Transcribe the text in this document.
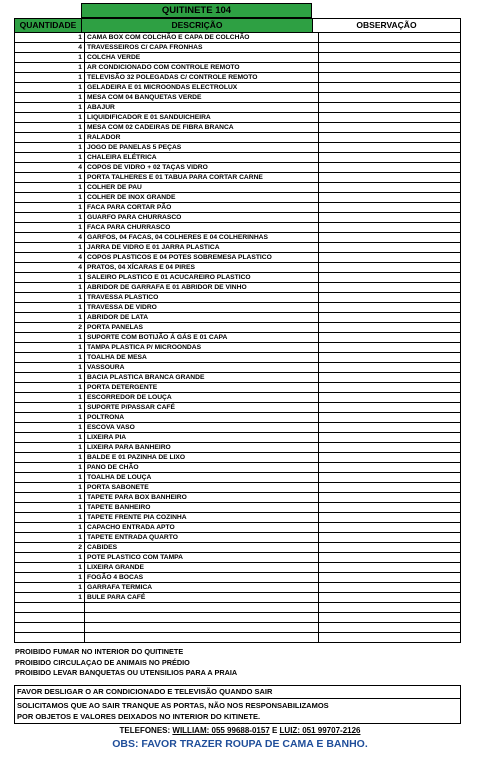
QUITINETE 104
QUANTIDADE	DESCRIÇÃO	OBSERVAÇÃO
1	CAMA BOX COM COLCHÃO E CAPA DE COLCHÃO	
4	TRAVESSEIROS C/ CAPA FRONHAS	
1	COLCHA VERDE	
1	AR CONDICIONADO COM CONTROLE REMOTO	
1	TELEVISÃO 32 POLEGADAS C/ CONTROLE REMOTO	
1	GELADEIRA E 01 MICROONDAS ELECTROLUX	
1	MESA COM 04 BANQUETAS VERDE	
1	ABAJUR	
1	LIQUIDIFICADOR E 01 SANDUICHEIRA	
1	MESA COM 02 CADEIRAS DE FIBRA BRANCA	
1	RALADOR	
1	JOGO DE PANELAS 5 PEÇAS	
1	CHALEIRA ELÉTRICA	
4	COPOS DE VIDRO + 02 TAÇAS VIDRO	
1	PORTA TALHERES E 01 TABUA PARA CORTAR CARNE	
1	COLHER DE PAU	
1	COLHER DE INOX GRANDE	
1	FACA PARA CORTAR PÃO	
1	GUARFO PARA CHURRASCO	
1	FACA PARA CHURRASCO	
4	GARFOS, 04 FACAS, 04 COLHERES E 04 COLHERINHAS	
1	JARRA DE VIDRO E 01 JARRA PLASTICA	
4	COPOS PLASTICOS E 04 POTES SOBREMESA PLASTICO	
4	PRATOS, 04 XÍCARAS E 04 PIRES	
1	SALEIRO PLASTICO E 01 ACUCAREIRO PLASTICO	
1	ABRIDOR DE GARRAFA E 01 ABRIDOR DE VINHO	
1	TRAVESSA PLASTICO	
1	TRAVESSA DE VIDRO	
1	ABRIDOR DE LATA	
2	PORTA PANELAS	
1	SUPORTE COM BOTIJÃO Á GÁS E 01 CAPA	
1	TAMPA PLASTICA P/ MICROONDAS	
1	TOALHA DE MESA	
1	VASSOURA	
1	BACIA PLASTICA BRANCA GRANDE	
1	PORTA DETERGENTE	
1	ESCORREDOR DE LOUÇA	
1	SUPORTE P/PASSAR CAFÉ	
1	POLTRONA	
1	ESCOVA VASO	
1	LIXEIRA PIA	
1	LIXEIRA PARA BANHEIRO	
1	BALDE E 01 PAZINHA DE LIXO	
1	PANO DE CHÃO	
1	TOALHA DE LOUÇA	
1	PORTA SABONETE	
1	TAPETE PARA BOX BANHEIRO	
1	TAPETE BANHEIRO	
1	TAPETE FRENTE PIA COZINHA	
1	CAPACHO ENTRADA APTO	
1	TAPETE ENTRADA QUARTO	
2	CABIDES	
1	POTE PLASTICO COM TAMPA	
1	LIXEIRA GRANDE	
1	FOGÃO 4 BOCAS	
1	GARRAFA TERMICA	
1	BULE PARA CAFÉ	

PROIBIDO FUMAR NO INTERIOR DO QUITINETE
PROIBIDO CIRCULAÇAO DE ANIMAIS NO PRÉDIO
PROIBIDO LEVAR BANQUETAS OU UTENSILIOS PARA A PRAIA
FAVOR DESLIGAR O AR CONDICIONADO E TELEVISÃO QUANDO SAIR
SOLICITAMOS QUE AO SAIR TRANQUE AS PORTAS, NÃO NOS RESPONSABILIZAMOS
POR OBJETOS E VALORES DEIXADOS NO INTERIOR DO KITINETE.
TELEFONES: WILLIAM: 055 99688-0157 E LUIZ: 051 99707-2126
OBS: FAVOR TRAZER ROUPA DE CAMA E BANHO.
